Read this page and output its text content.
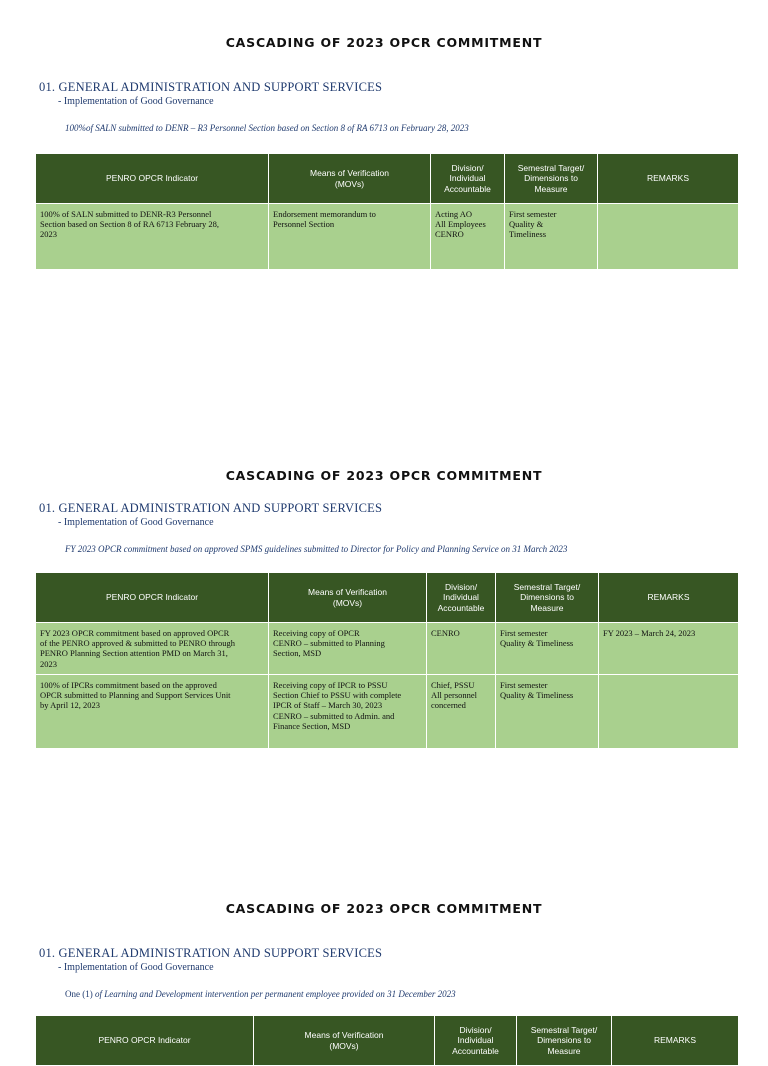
CASCADING OF 2023 OPCR COMMITMENT
01. GENERAL ADMINISTRATION AND SUPPORT SERVICES
- Implementation of Good Governance
100%of SALN submitted to DENR – R3 Personnel Section based on Section 8 of RA 6713 on February 28, 2023
PENRO OPCR Indicator	Means of Verification
(MOVs)	Division/
Individual
Accountable	Semestral Target/
Dimensions to
Measure	REMARKS

100% of SALN submitted to DENR-R3 Personnel
Section based on Section 8 of RA 6713 February 28,
2023	Endorsement memorandum to
Personnel Section	Acting AO
All Employees
CENRO	First semester
Quality &
Timeliness	
CASCADING OF 2023 OPCR COMMITMENT
01. GENERAL ADMINISTRATION AND SUPPORT SERVICES
- Implementation of Good Governance
FY 2023 OPCR commitment based on approved SPMS guidelines submitted to Director for Policy and Planning Service on 31 March 2023
PENRO OPCR Indicator	Means of Verification
(MOVs)	Division/
Individual
Accountable	Semestral Target/
Dimensions to
Measure	REMARKS

FY 2023 OPCR commitment based on approved OPCR
of the PENRO approved & submitted to PENRO through
PENRO Planning Section attention PMD on March 31,
2023	Receiving copy of OPCR
CENRO – submitted to Planning
Section, MSD	CENRO	First semester
Quality & Timeliness	FY 2023 – March 24, 2023
100% of IPCRs commitment based on the approved
OPCR submitted to Planning and Support Services Unit
by April 12, 2023	Receiving copy of IPCR to PSSU
Section Chief to PSSU with complete
IPCR of Staff – March 30, 2023
CENRO – submitted to Admin. and
Finance Section, MSD	Chief, PSSU
All personnel
concerned	First semester
Quality & Timeliness	
CASCADING OF 2023 OPCR COMMITMENT
01. GENERAL ADMINISTRATION AND SUPPORT SERVICES
- Implementation of Good Governance
One (1) of Learning and Development intervention per permanent employee provided on 31 December 2023
PENRO OPCR Indicator

Means of Verification
(MOVs)

Division/
Individual
Accountable

Semestral Target/
Dimensions to
Measure

REMARKS
